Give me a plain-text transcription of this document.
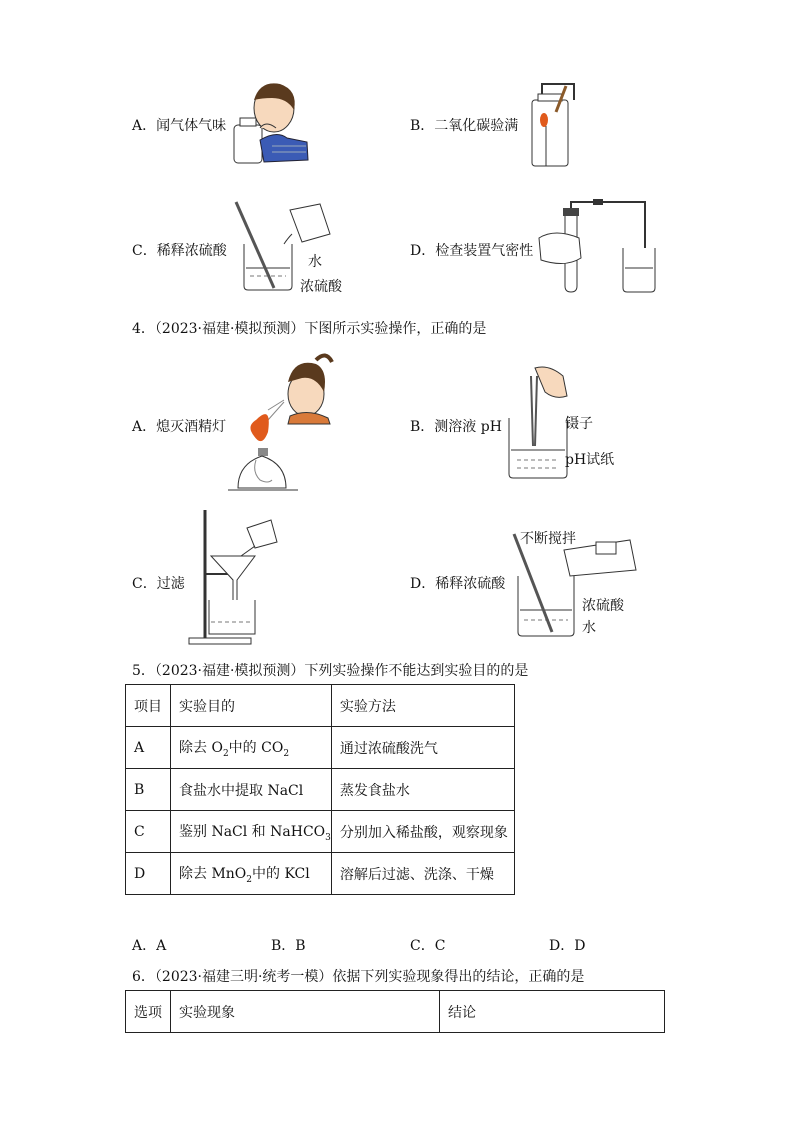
A．闻气体气味	B．二氧化碳验满
C．稀释浓硫酸
水
浓硫酸
D．检查装置气密性
4．（2023·福建·模拟预测）下图所示实验操作，正确的是
A．熄灭酒精灯	B．测溶液 pH	镊子
pH试纸
C．过滤	D．稀释浓硫酸
不断搅拌
浓硫酸
水
5．（2023·福建·模拟预测）下列实验操作不能达到实验目的的是
项目	实验目的	实验方法
A	除去 $O_2$中的 $CO_2$	通过浓硫酸洗气
B	食盐水中提取 NaCl	蒸发食盐水
C	鉴别 NaCl 和 NaHCO$_3$	分别加入稀盐酸，观察现象
D	除去 MnO$_2$中的 KCl	溶解后过滤、洗涤、干燥
A．A	B．B	C．C	D．D
6．（2023·福建三明·统考一模）依据下列实验现象得出的结论，正确的是
选项	实验现象	结论
